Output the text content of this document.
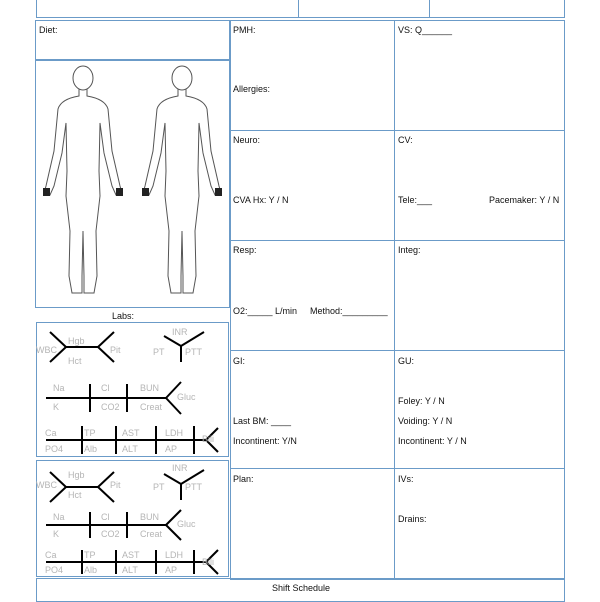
Diet:
Labs:
Hgb
WBC	Pit
Hct
INR
PT PTT
Na	Cl	BUN
Gluc
K	CO2 Creat
Ca	TP	AST	LDH
Bili
PO4 Alb	ALT	AP
Hgb
WBC	Pit
Hct
INR
PT PTT
Na	Cl	BUN
Gluc
K	CO2 Creat
Ca	TP	AST	LDH
Bili
PO4 Alb	ALT	AP
PMH:
Allergies:
VS: Q______
Neuro:
CVA Hx: Y / N
CV:
Tele:___	Pacemaker: Y / N
Resp:
O2:_____ L/min Method:_________
Integ:
GI:
Last BM: ____
Incontinent: Y/N
GU:
Foley: Y / N
Voiding: Y / N
Incontinent: Y / N
Plan:	IVs:
Drains:
Shift Schedule
